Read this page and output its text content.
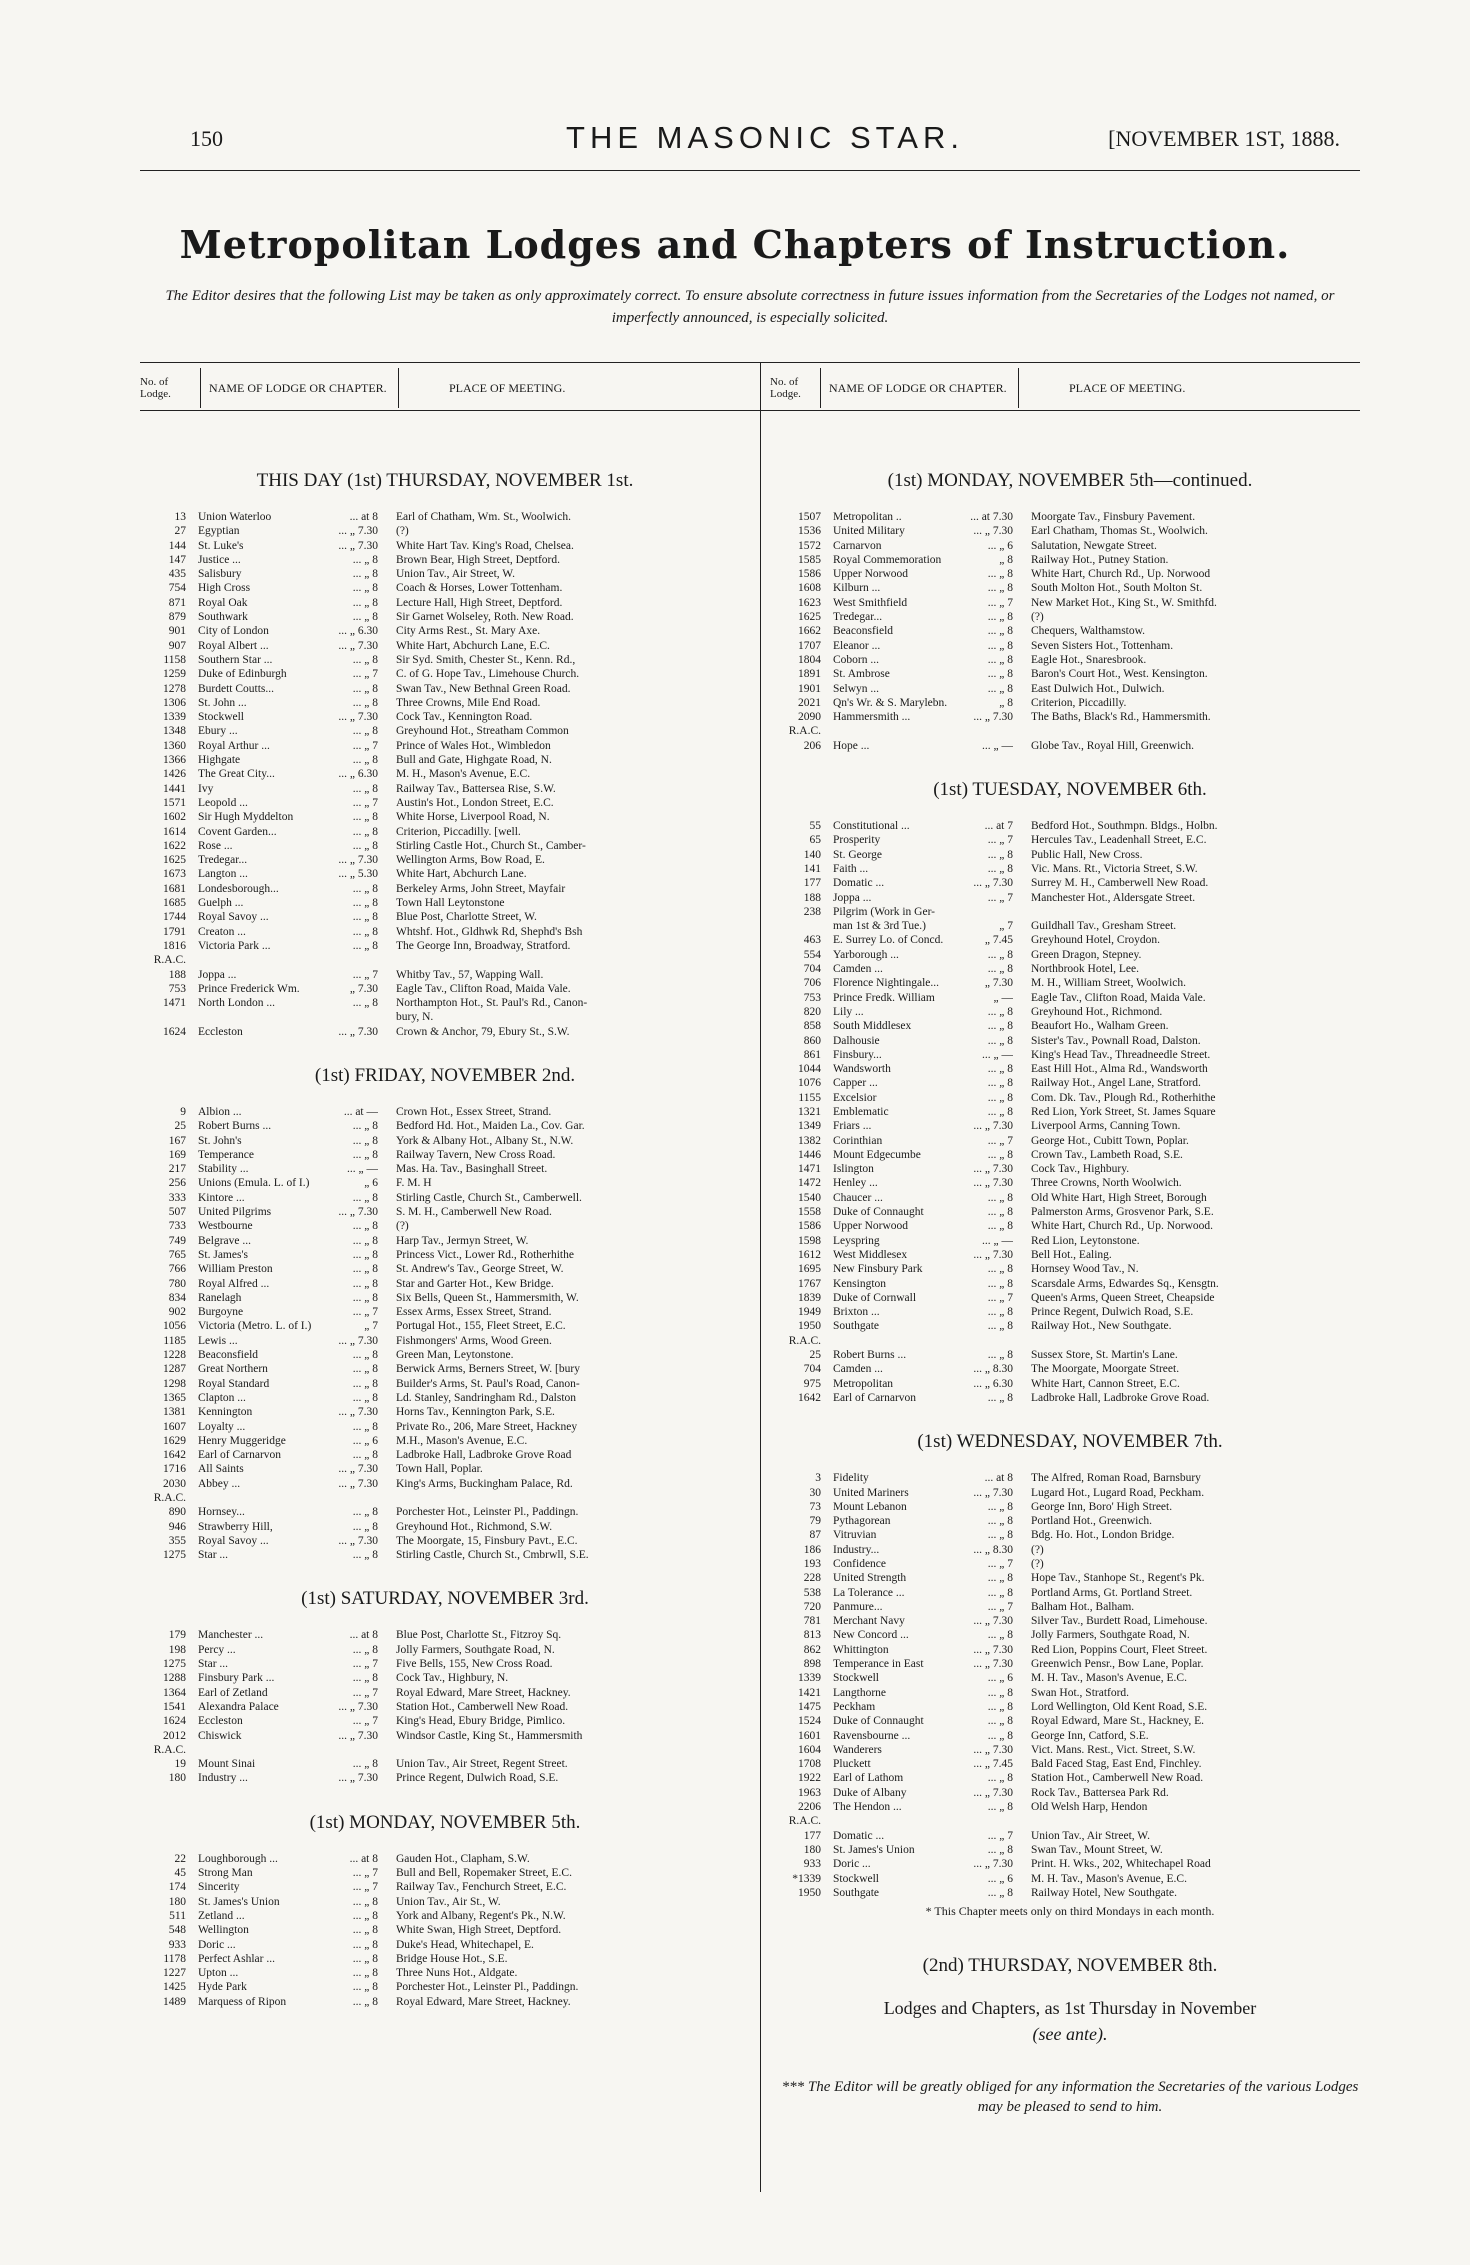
150	THE MASONIC STAR.	[NOVEMBER 1ST, 1888.
Metropolitan Lodges and Chapters of Instruction.
The Editor desires that the following List may be taken as only approximately correct. To ensure absolute correctness in future issues information from the Secretaries of the Lodges not named, or imperfectly announced, is especially solicited.
No. of Lodge.	NAME OF LODGE OR CHAPTER.	PLACE OF MEETING.	No. of Lodge.	NAME OF LODGE OR CHAPTER.	PLACE OF MEETING.
THIS DAY (1st) THURSDAY, NOVEMBER 1st.
13 Union Waterloo	... at 8 Earl of Chatham, Wm. St., Woolwich.
27 Egyptian	... „ 7.30 (?)
144 St. Luke's	... „ 7.30 White Hart Tav. King's Road, Chelsea.
147 Justice ...	... „ 8 Brown Bear, High Street, Deptford.
435 Salisbury	... „ 8 Union Tav., Air Street, W.
754 High Cross	... „ 8 Coach & Horses, Lower Tottenham.
871 Royal Oak	... „ 8 Lecture Hall, High Street, Deptford.
879 Southwark	... „ 8 Sir Garnet Wolseley, Roth. New Road.
901 City of London	... „ 6.30 City Arms Rest., St. Mary Axe.
907 Royal Albert ...	... „ 7.30 White Hart, Abchurch Lane, E.C.
1158 Southern Star ...	... „ 8 Sir Syd. Smith, Chester St., Kenn. Rd.,
1259 Duke of Edinburgh	... „ 7 C. of G. Hope Tav., Limehouse Church.
1278 Burdett Coutts...	... „ 8 Swan Tav., New Bethnal Green Road.
1306 St. John ...	... „ 8 Three Crowns, Mile End Road.
1339 Stockwell	... „ 7.30 Cock Tav., Kennington Road.
1348 Ebury ...	... „ 8 Greyhound Hot., Streatham Common
1360 Royal Arthur ...	... „ 7 Prince of Wales Hot., Wimbledon
1366 Highgate	... „ 8 Bull and Gate, Highgate Road, N.
1426 The Great City...	... „ 6.30 M. H., Mason's Avenue, E.C.
1441 Ivy	... „ 8 Railway Tav., Battersea Rise, S.W.
1571 Leopold ...	... „ 7 Austin's Hot., London Street, E.C.
1602 Sir Hugh Myddelton	... „ 8 White Horse, Liverpool Road, N.
1614 Covent Garden...	... „ 8 Criterion, Piccadilly. [well.
1622 Rose ...	... „ 8 Stirling Castle Hot., Church St., Camber-
1625 Tredegar...	... „ 7.30 Wellington Arms, Bow Road, E.
1673 Langton ...	... „ 5.30 White Hart, Abchurch Lane.
1681 Londesborough...	... „ 8 Berkeley Arms, John Street, Mayfair
1685 Guelph ...	... „ 8 Town Hall Leytonstone
1744 Royal Savoy ...	... „ 8 Blue Post, Charlotte Street, W.
1791 Creaton ...	... „ 8 Whtshf. Hot., Gldhwk Rd, Shephd's Bsh
1816 Victoria Park ...	... „ 8 The George Inn, Broadway, Stratford.
R.A.C.
188 Joppa ...	... „ 7 Whitby Tav., 57, Wapping Wall.
753 Prince Frederick Wm.	„ 7.30 Eagle Tav., Clifton Road, Maida Vale.
1471 North London ...	... „ 8 Northampton Hot., St. Paul's Rd., Canon-
bury, N.
1624 Eccleston	... „ 7.30 Crown & Anchor, 79, Ebury St., S.W.
(1st) FRIDAY, NOVEMBER 2nd.
9 Albion ...	... at — Crown Hot., Essex Street, Strand.
25 Robert Burns ...	... „ 8 Bedford Hd. Hot., Maiden La., Cov. Gar.
167 St. John's	... „ 8 York & Albany Hot., Albany St., N.W.
169 Temperance	... „ 8 Railway Tavern, New Cross Road.
217 Stability ...	... „ — Mas. Ha. Tav., Basinghall Street.
256 Unions (Emula. L. of I.)	„ 6 F. M. H
333 Kintore ...	... „ 8 Stirling Castle, Church St., Camberwell.
507 United Pilgrims	... „ 7.30 S. M. H., Camberwell New Road.
733 Westbourne	... „ 8 (?)
749 Belgrave ...	... „ 8 Harp Tav., Jermyn Street, W.
765 St. James's	... „ 8 Princess Vict., Lower Rd., Rotherhithe
766 William Preston	... „ 8 St. Andrew's Tav., George Street, W.
780 Royal Alfred ...	... „ 8 Star and Garter Hot., Kew Bridge.
834 Ranelagh	... „ 8 Six Bells, Queen St., Hammersmith, W.
902 Burgoyne	... „ 7 Essex Arms, Essex Street, Strand.
1056 Victoria (Metro. L. of I.)	„ 7 Portugal Hot., 155, Fleet Street, E.C.
1185 Lewis ...	... „ 7.30 Fishmongers' Arms, Wood Green.
1228 Beaconsfield	... „ 8 Green Man, Leytonstone.
1287 Great Northern	... „ 8 Berwick Arms, Berners Street, W. [bury
1298 Royal Standard	... „ 8 Builder's Arms, St. Paul's Road, Canon-
1365 Clapton ...	... „ 8 Ld. Stanley, Sandringham Rd., Dalston
1381 Kennington	... „ 7.30 Horns Tav., Kennington Park, S.E.
1607 Loyalty ...	... „ 8 Private Ro., 206, Mare Street, Hackney
1629 Henry Muggeridge	... „ 6 M.H., Mason's Avenue, E.C.
1642 Earl of Carnarvon	... „ 8 Ladbroke Hall, Ladbroke Grove Road
1716 All Saints	... „ 7.30 Town Hall, Poplar.
2030 Abbey ...	... „ 7.30 King's Arms, Buckingham Palace, Rd.
R.A.C.
890 Hornsey...	... „ 8 Porchester Hot., Leinster Pl., Paddingn.
946 Strawberry Hill,	... „ 8 Greyhound Hot., Richmond, S.W.
355 Royal Savoy ...	... „ 7.30 The Moorgate, 15, Finsbury Pavt., E.C.
1275 Star ...	... „ 8 Stirling Castle, Church St., Cmbrwll, S.E.
(1st) SATURDAY, NOVEMBER 3rd.
179 Manchester ...	... at 8 Blue Post, Charlotte St., Fitzroy Sq.
198 Percy ...	... „ 8 Jolly Farmers, Southgate Road, N.
1275 Star ...	... „ 7 Five Bells, 155, New Cross Road.
1288 Finsbury Park ...	... „ 8 Cock Tav., Highbury, N.
1364 Earl of Zetland	... „ 7 Royal Edward, Mare Street, Hackney.
1541 Alexandra Palace	... „ 7.30 Station Hot., Camberwell New Road.
1624 Eccleston	... „ 7 King's Head, Ebury Bridge, Pimlico.
2012 Chiswick	... „ 7.30 Windsor Castle, King St., Hammersmith
R.A.C.
19 Mount Sinai	... „ 8 Union Tav., Air Street, Regent Street.
180 Industry ...	... „ 7.30 Prince Regent, Dulwich Road, S.E.
(1st) MONDAY, NOVEMBER 5th.
22 Loughborough ...	... at 8 Gauden Hot., Clapham, S.W.
45 Strong Man	... „ 7 Bull and Bell, Ropemaker Street, E.C.
174 Sincerity	... „ 7 Railway Tav., Fenchurch Street, E.C.
180 St. James's Union	... „ 8 Union Tav., Air St., W.
511 Zetland ...	... „ 8 York and Albany, Regent's Pk., N.W.
548 Wellington	... „ 8 White Swan, High Street, Deptford.
933 Doric ...	... „ 8 Duke's Head, Whitechapel, E.
1178 Perfect Ashlar ...	... „ 8 Bridge House Hot., S.E.
1227 Upton ...	... „ 8 Three Nuns Hot., Aldgate.
1425 Hyde Park	... „ 8 Porchester Hot., Leinster Pl., Paddingn.
1489 Marquess of Ripon	... „ 8 Royal Edward, Mare Street, Hackney.
(1st) MONDAY, NOVEMBER 5th—continued.
1507 Metropolitan ..	... at 7.30 Moorgate Tav., Finsbury Pavement.
1536 United Military	... „ 7.30 Earl Chatham, Thomas St., Woolwich.
1572 Carnarvon	... „ 6 Salutation, Newgate Street.
1585 Royal Commemoration	„ 8 Railway Hot., Putney Station.
1586 Upper Norwood	... „ 8 White Hart, Church Rd., Up. Norwood
1608 Kilburn ...	... „ 8 South Molton Hot., South Molton St.
1623 West Smithfield	... „ 7 New Market Hot., King St., W. Smithfd.
1625 Tredegar...	... „ 8 (?)
1662 Beaconsfield	... „ 8 Chequers, Walthamstow.
1707 Eleanor ...	... „ 8 Seven Sisters Hot., Tottenham.
1804 Coborn ...	... „ 8 Eagle Hot., Snaresbrook.
1891 St. Ambrose	... „ 8 Baron's Court Hot., West. Kensington.
1901 Selwyn ...	... „ 8 East Dulwich Hot., Dulwich.
2021 Qn's Wr. & S. Marylebn.	„ 8 Criterion, Piccadilly.
2090 Hammersmith ...	... „ 7.30 The Baths, Black's Rd., Hammersmith.
R.A.C.
206 Hope ...	... „ — Globe Tav., Royal Hill, Greenwich.
(1st) TUESDAY, NOVEMBER 6th.
55 Constitutional ...	... at 7 Bedford Hot., Southmpn. Bldgs., Holbn.
65 Prosperity	... „ 7 Hercules Tav., Leadenhall Street, E.C.
140 St. George	... „ 8 Public Hall, New Cross.
141 Faith ...	... „ 8 Vic. Mans. Rt., Victoria Street, S.W.
177 Domatic ...	... „ 7.30 Surrey M. H., Camberwell New Road.
188 Joppa ...	... „ 7 Manchester Hot., Aldersgate Street.
238 Pilgrim (Work in Ger-
man 1st & 3rd Tue.)	„ 7 Guildhall Tav., Gresham Street.
463 E. Surrey Lo. of Concd.	„ 7.45 Greyhound Hotel, Croydon.
554 Yarborough ...	... „ 8 Green Dragon, Stepney.
704 Camden ...	... „ 8 Northbrook Hotel, Lee.
706 Florence Nightingale...	„ 7.30 M. H., William Street, Woolwich.
753 Prince Fredk. William	„ — Eagle Tav., Clifton Road, Maida Vale.
820 Lily ...	... „ 8 Greyhound Hot., Richmond.
858 South Middlesex	... „ 8 Beaufort Ho., Walham Green.
860 Dalhousie	... „ 8 Sister's Tav., Pownall Road, Dalston.
861 Finsbury...	... „ — King's Head Tav., Threadneedle Street.
1044 Wandsworth	... „ 8 East Hill Hot., Alma Rd., Wandsworth
1076 Capper ...	... „ 8 Railway Hot., Angel Lane, Stratford.
1155 Excelsior	... „ 8 Com. Dk. Tav., Plough Rd., Rotherhithe
1321 Emblematic	... „ 8 Red Lion, York Street, St. James Square
1349 Friars ...	... „ 7.30 Liverpool Arms, Canning Town.
1382 Corinthian	... „ 7 George Hot., Cubitt Town, Poplar.
1446 Mount Edgecumbe	... „ 8 Crown Tav., Lambeth Road, S.E.
1471 Islington	... „ 7.30 Cock Tav., Highbury.
1472 Henley ...	... „ 7.30 Three Crowns, North Woolwich.
1540 Chaucer ...	... „ 8 Old White Hart, High Street, Borough
1558 Duke of Connaught	... „ 8 Palmerston Arms, Grosvenor Park, S.E.
1586 Upper Norwood	... „ 8 White Hart, Church Rd., Up. Norwood.
1598 Leyspring	... „ — Red Lion, Leytonstone.
1612 West Middlesex	... „ 7.30 Bell Hot., Ealing.
1695 New Finsbury Park	... „ 8 Hornsey Wood Tav., N.
1767 Kensington	... „ 8 Scarsdale Arms, Edwardes Sq., Kensgtn.
1839 Duke of Cornwall	... „ 7 Queen's Arms, Queen Street, Cheapside
1949 Brixton ...	... „ 8 Prince Regent, Dulwich Road, S.E.
1950 Southgate	... „ 8 Railway Hot., New Southgate.
R.A.C.
25 Robert Burns ...	... „ 8 Sussex Store, St. Martin's Lane.
704 Camden ...	... „ 8.30 The Moorgate, Moorgate Street.
975 Metropolitan	... „ 6.30 White Hart, Cannon Street, E.C.
1642 Earl of Carnarvon	... „ 8 Ladbroke Hall, Ladbroke Grove Road.
(1st) WEDNESDAY, NOVEMBER 7th.
3 Fidelity	... at 8 The Alfred, Roman Road, Barnsbury
30 United Mariners	... „ 7.30 Lugard Hot., Lugard Road, Peckham.
73 Mount Lebanon	... „ 8 George Inn, Boro' High Street.
79 Pythagorean	... „ 8 Portland Hot., Greenwich.
87 Vitruvian	... „ 8 Bdg. Ho. Hot., London Bridge.
186 Industry...	... „ 8.30 (?)
193 Confidence	... „ 7 (?)
228 United Strength	... „ 8 Hope Tav., Stanhope St., Regent's Pk.
538 La Tolerance ...	... „ 8 Portland Arms, Gt. Portland Street.
720 Panmure...	... „ 7 Balham Hot., Balham.
781 Merchant Navy	... „ 7.30 Silver Tav., Burdett Road, Limehouse.
813 New Concord ...	... „ 8 Jolly Farmers, Southgate Road, N.
862 Whittington	... „ 7.30 Red Lion, Poppins Court, Fleet Street.
898 Temperance in East	... „ 7.30 Greenwich Pensr., Bow Lane, Poplar.
1339 Stockwell	... „ 6 M. H. Tav., Mason's Avenue, E.C.
1421 Langthorne	... „ 8 Swan Hot., Stratford.
1475 Peckham	... „ 8 Lord Wellington, Old Kent Road, S.E.
1524 Duke of Connaught	... „ 8 Royal Edward, Mare St., Hackney, E.
1601 Ravensbourne ...	... „ 8 George Inn, Catford, S.E.
1604 Wanderers	... „ 7.30 Vict. Mans. Rest., Vict. Street, S.W.
1708 Pluckett	... „ 7.45 Bald Faced Stag, East End, Finchley.
1922 Earl of Lathom	... „ 8 Station Hot., Camberwell New Road.
1963 Duke of Albany	... „ 7.30 Rock Tav., Battersea Park Rd.
2206 The Hendon ...	... „ 8 Old Welsh Harp, Hendon
R.A.C.
177 Domatic ...	... „ 7 Union Tav., Air Street, W.
180 St. James's Union	... „ 8 Swan Tav., Mount Street, W.
933 Doric ...	... „ 7.30 Print. H. Wks., 202, Whitechapel Road
*1339 Stockwell	... „ 6 M. H. Tav., Mason's Avenue, E.C.
1950 Southgate	... „ 8 Railway Hotel, New Southgate.
* This Chapter meets only on third Mondays in each month.
(2nd) THURSDAY, NOVEMBER 8th.
Lodges and Chapters, as 1st Thursday in November
(see ante).
*** The Editor will be greatly obliged for any information the Secretaries of the various Lodges may be pleased to send to him.
